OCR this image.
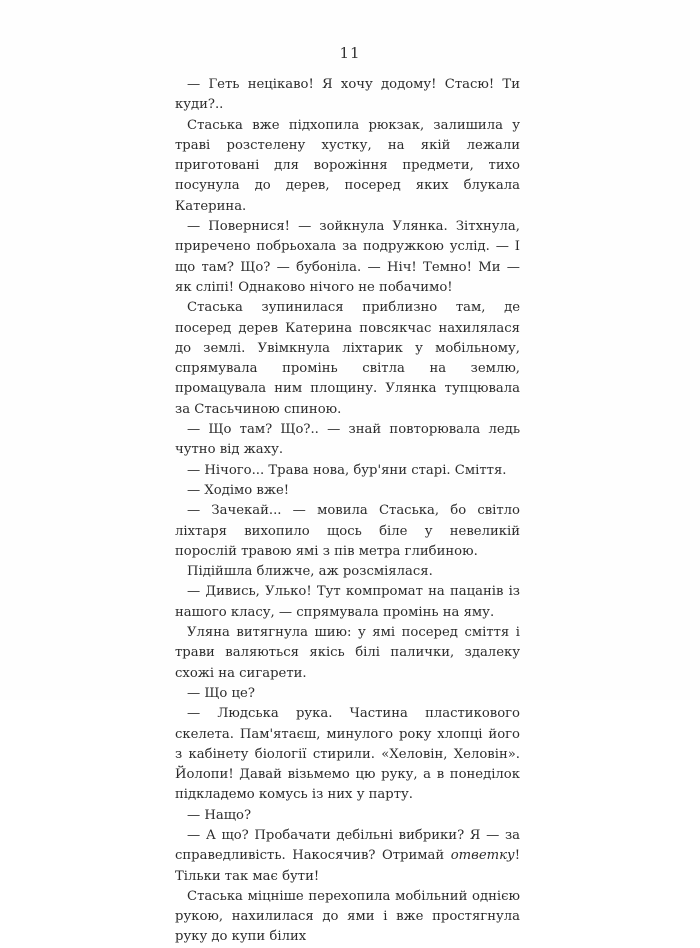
11

— Геть нецікаво! Я хочу додому! Стасю! Ти куди?..

Стаська вже підхопила рюкзак, залишила у траві розстелену хустку, на якій лежали приготовані для ворожіння предмети, тихо посунула до дерев, посеред яких блукала Катерина.

— Повернися! — зойкнула Улянка. Зітхнула, приречено побрьохала за подружкою услід. — І що там? Що? — бубоніла. — Ніч! Темно! Ми — як сліпі! Однаково нічого не побачимо!

Стаська зупинилася приблизно там, де посеред дерев Катерина повсякчас нахилялася до землі. Увімкнула ліхтарик у мобільному, спрямувала промінь світла на землю, промацувала ним площину. Улянка тупцювала за Стасьчиною спиною.

— Що там? Що?.. — знай повторювала ледь чутно від жаху.

— Нічого... Трава нова, бур'яни старі. Сміття.

— Ходімо вже!

— Зачекай... — мовила Стаська, бо світло ліхтаря вихопило щось біле у невеликій порослій травою ямі з пів метра глибиною.

Підійшла ближче, аж розсміялася.

— Дивись, Улько! Тут компромат на пацанів із нашого класу, — спрямувала промінь на яму.

Уляна витягнула шию: у ямі посеред сміття і трави валяються якісь білі палички, здалеку схожі на сигарети.

— Що це?

— Людська рука. Частина пластикового скелета. Пам'ятаєш, минулого року хлопці його з кабінету біології стирили. «Хеловін, Хеловін». Йолопи! Давай візьмемо цю руку, а в понеділок підкладемо комусь із них у парту.

— Нащо?

— А що? Пробачати дебільні вибрики? Я — за справедливість. Накосячив? Отримай ответку! Тільки так має бути!

Стаська міцніше перехопила мобільний однією рукою, нахилилася до ями і вже простягнула руку до купи білих
